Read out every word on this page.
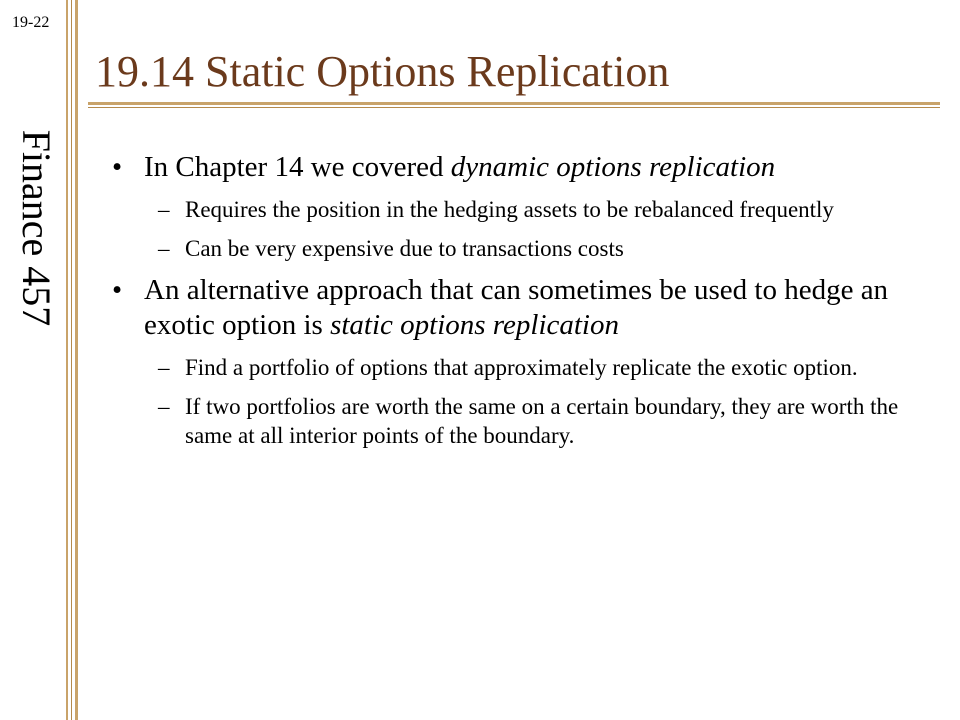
19-22
Finance 457
19.14 Static Options Replication
• In Chapter 14 we covered dynamic options replication
– Requires the position in the hedging assets to be rebalanced frequently
– Can be very expensive due to transactions costs
• An alternative approach that can sometimes be used to hedge an exotic option is static options replication
– Find a portfolio of options that approximately replicate the exotic option.
– If two portfolios are worth the same on a certain boundary, they are worth the same at all interior points of the boundary.
